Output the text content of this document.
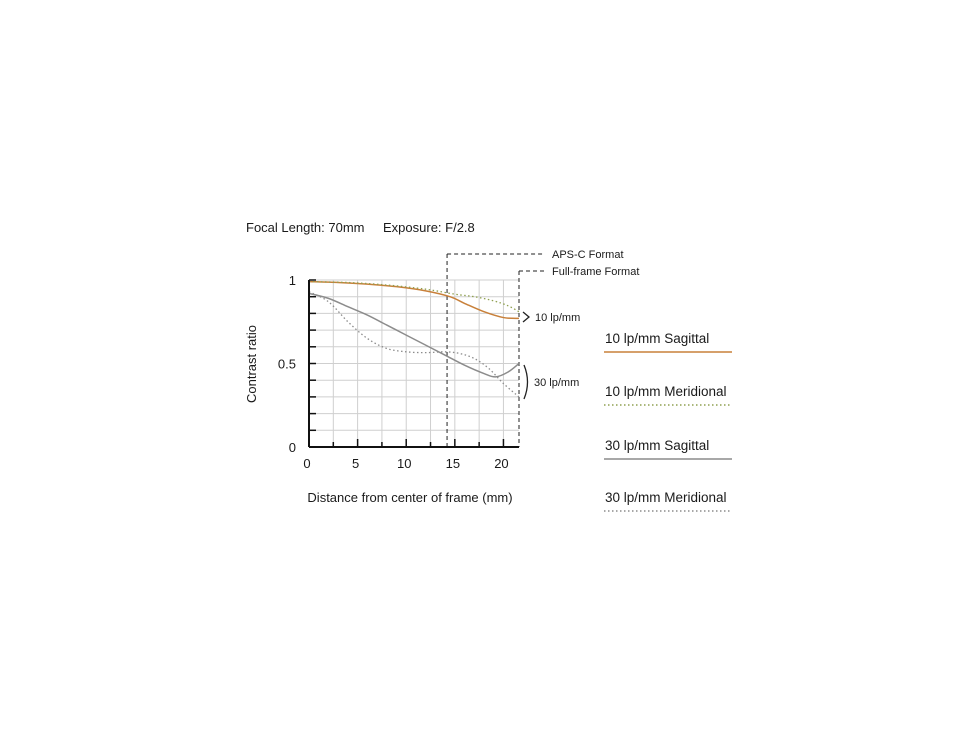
Focal Length: 70mm Exposure: F/2.8
APS-C Format
Full-frame Format
0
0.5
1
0	5	10	15	20
10 lp/mm
30 lp/mm
Contrast ratio
Distance from center of frame (mm)
10 lp/mm Sagittal
10 lp/mm Meridional
30 lp/mm Sagittal
30 lp/mm Meridional
